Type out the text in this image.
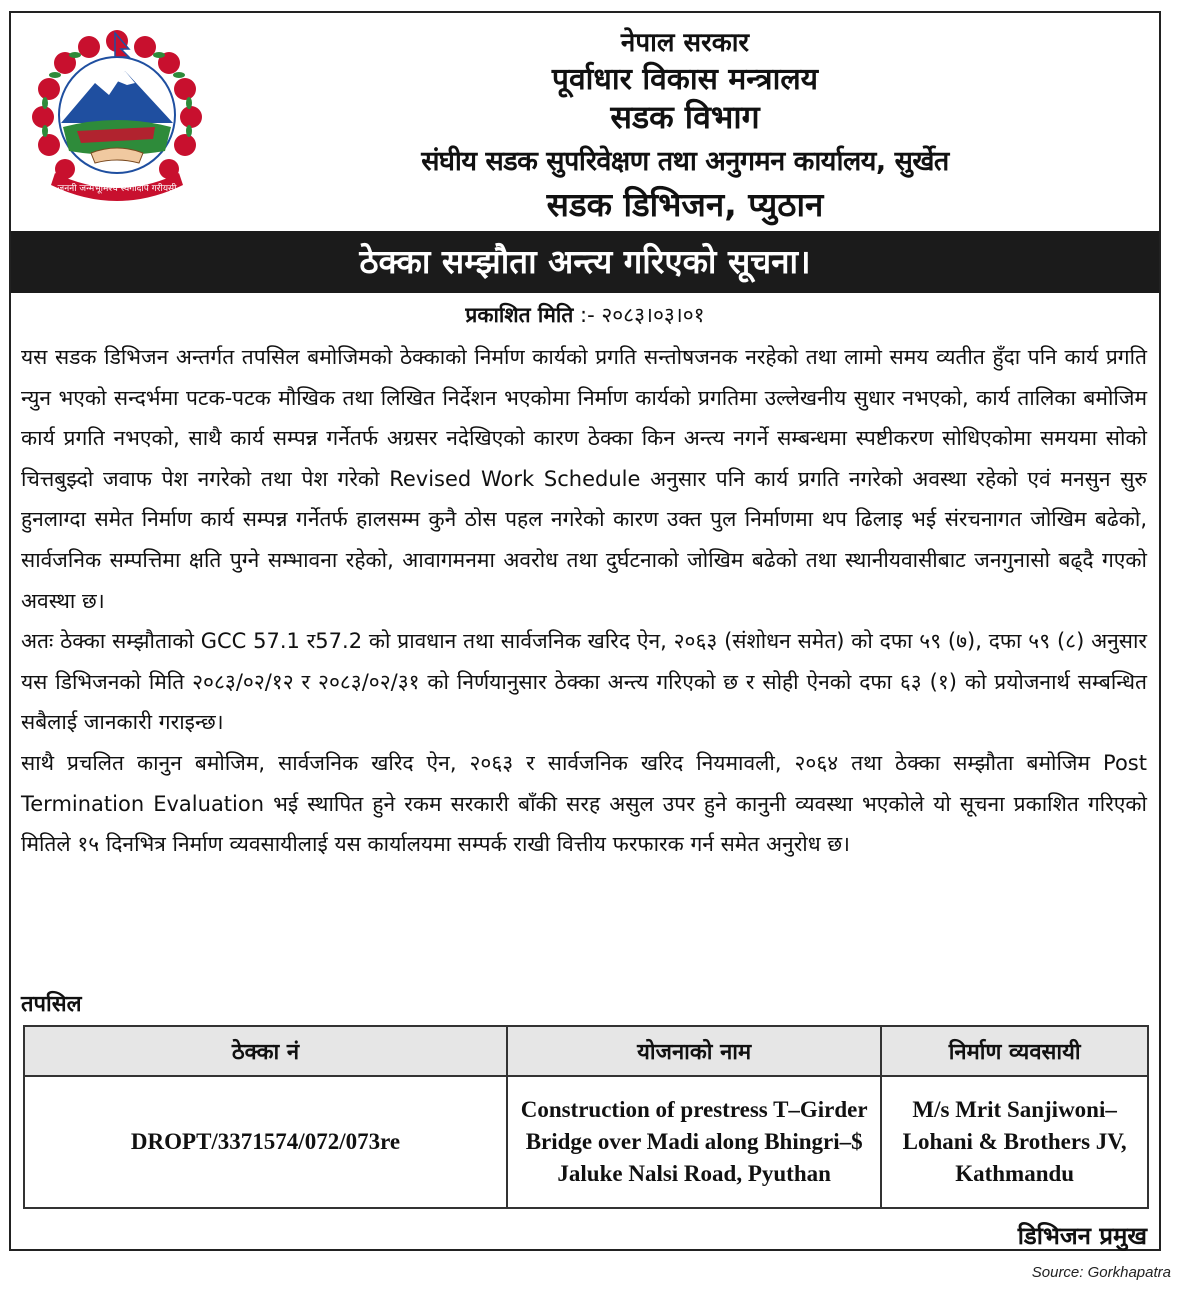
जननी जन्मभूमिश्च स्वर्गादपि गरीयसी
नेपाल सरकार
पूर्वाधार विकास मन्त्रालय
सडक विभाग
संघीय सडक सुपरिवेक्षण तथा अनुगमन कार्यालय, सुर्खेत
सडक डिभिजन, प्युठान
ठेक्का सम्झौता अन्त्य गरिएको सूचना।
प्रकाशित मिति :- २०८३।०३।०१

यस सडक डिभिजन अन्तर्गत तपसिल बमोजिमको ठेक्काको निर्माण कार्यको प्रगति सन्तोषजनक नरहेको तथा लामो समय व्यतीत हुँदा पनि कार्य प्रगति न्युन भएको सन्दर्भमा पटक-पटक मौखिक तथा लिखित निर्देशन भएकोमा निर्माण कार्यको प्रगतिमा उल्लेखनीय सुधार नभएको, कार्य तालिका बमोजिम कार्य प्रगति नभएको, साथै कार्य सम्पन्न गर्नेतर्फ अग्रसर नदेखिएको कारण ठेक्का किन अन्त्य नगर्ने सम्बन्धमा स्पष्टीकरण सोधिएकोमा समयमा सोको चित्तबुझ्दो जवाफ पेश नगरेको तथा पेश गरेको Revised Work Schedule अनुसार पनि कार्य प्रगति नगरेको अवस्था रहेको एवं मनसुन सुरु हुनलाग्दा समेत निर्माण कार्य सम्पन्न गर्नेतर्फ हालसम्म कुनै ठोस पहल नगरेको कारण उक्त पुल निर्माणमा थप ढिलाइ भई संरचनागत जोखिम बढेको, सार्वजनिक सम्पत्तिमा क्षति पुग्ने सम्भावना रहेको, आवागमनमा अवरोध तथा दुर्घटनाको जोखिम बढेको तथा स्थानीयवासीबाट जनगुनासो बढ्दै गएको अवस्था छ।

अतः ठेक्का सम्झौताको GCC 57.1 र57.2 को प्रावधान तथा सार्वजनिक खरिद ऐन, २०६३ (संशोधन समेत) को दफा ५९ (७), दफा ५९ (८) अनुसार यस डिभिजनको मिति २०८३/०२/१२ र २०८३/०२/३१ को निर्णयानुसार ठेक्का अन्त्य गरिएको छ र सोही ऐनको दफा ६३ (१) को प्रयोजनार्थ सम्बन्धित सबैलाई जानकारी गराइन्छ।

साथै प्रचलित कानुन बमोजिम, सार्वजनिक खरिद ऐन, २०६३ र सार्वजनिक खरिद नियमावली, २०६४ तथा ठेक्का सम्झौता बमोजिम Post Termination Evaluation भई स्थापित हुने रकम सरकारी बाँकी सरह असुल उपर हुने कानुनी व्यवस्था भएकोले यो सूचना प्रकाशित गरिएको मितिले १५ दिनभित्र निर्माण व्यवसायीलाई यस कार्यालयमा सम्पर्क राखी वित्तीय फरफारक गर्न समेत अनुरोध छ।

तपसिल
ठेक्का नं	योजनाको नाम	निर्माण व्यवसायी
DROPT/3371574/072/073re	Construction of prestress T–Girder Bridge over Madi along Bhingri–$ Jaluke Nalsi Road, Pyuthan	M/s Mrit Sanjiwoni–Lohani & Brothers JV, Kathmandu
डिभिजन प्रमुख
Source: Gorkhapatra
